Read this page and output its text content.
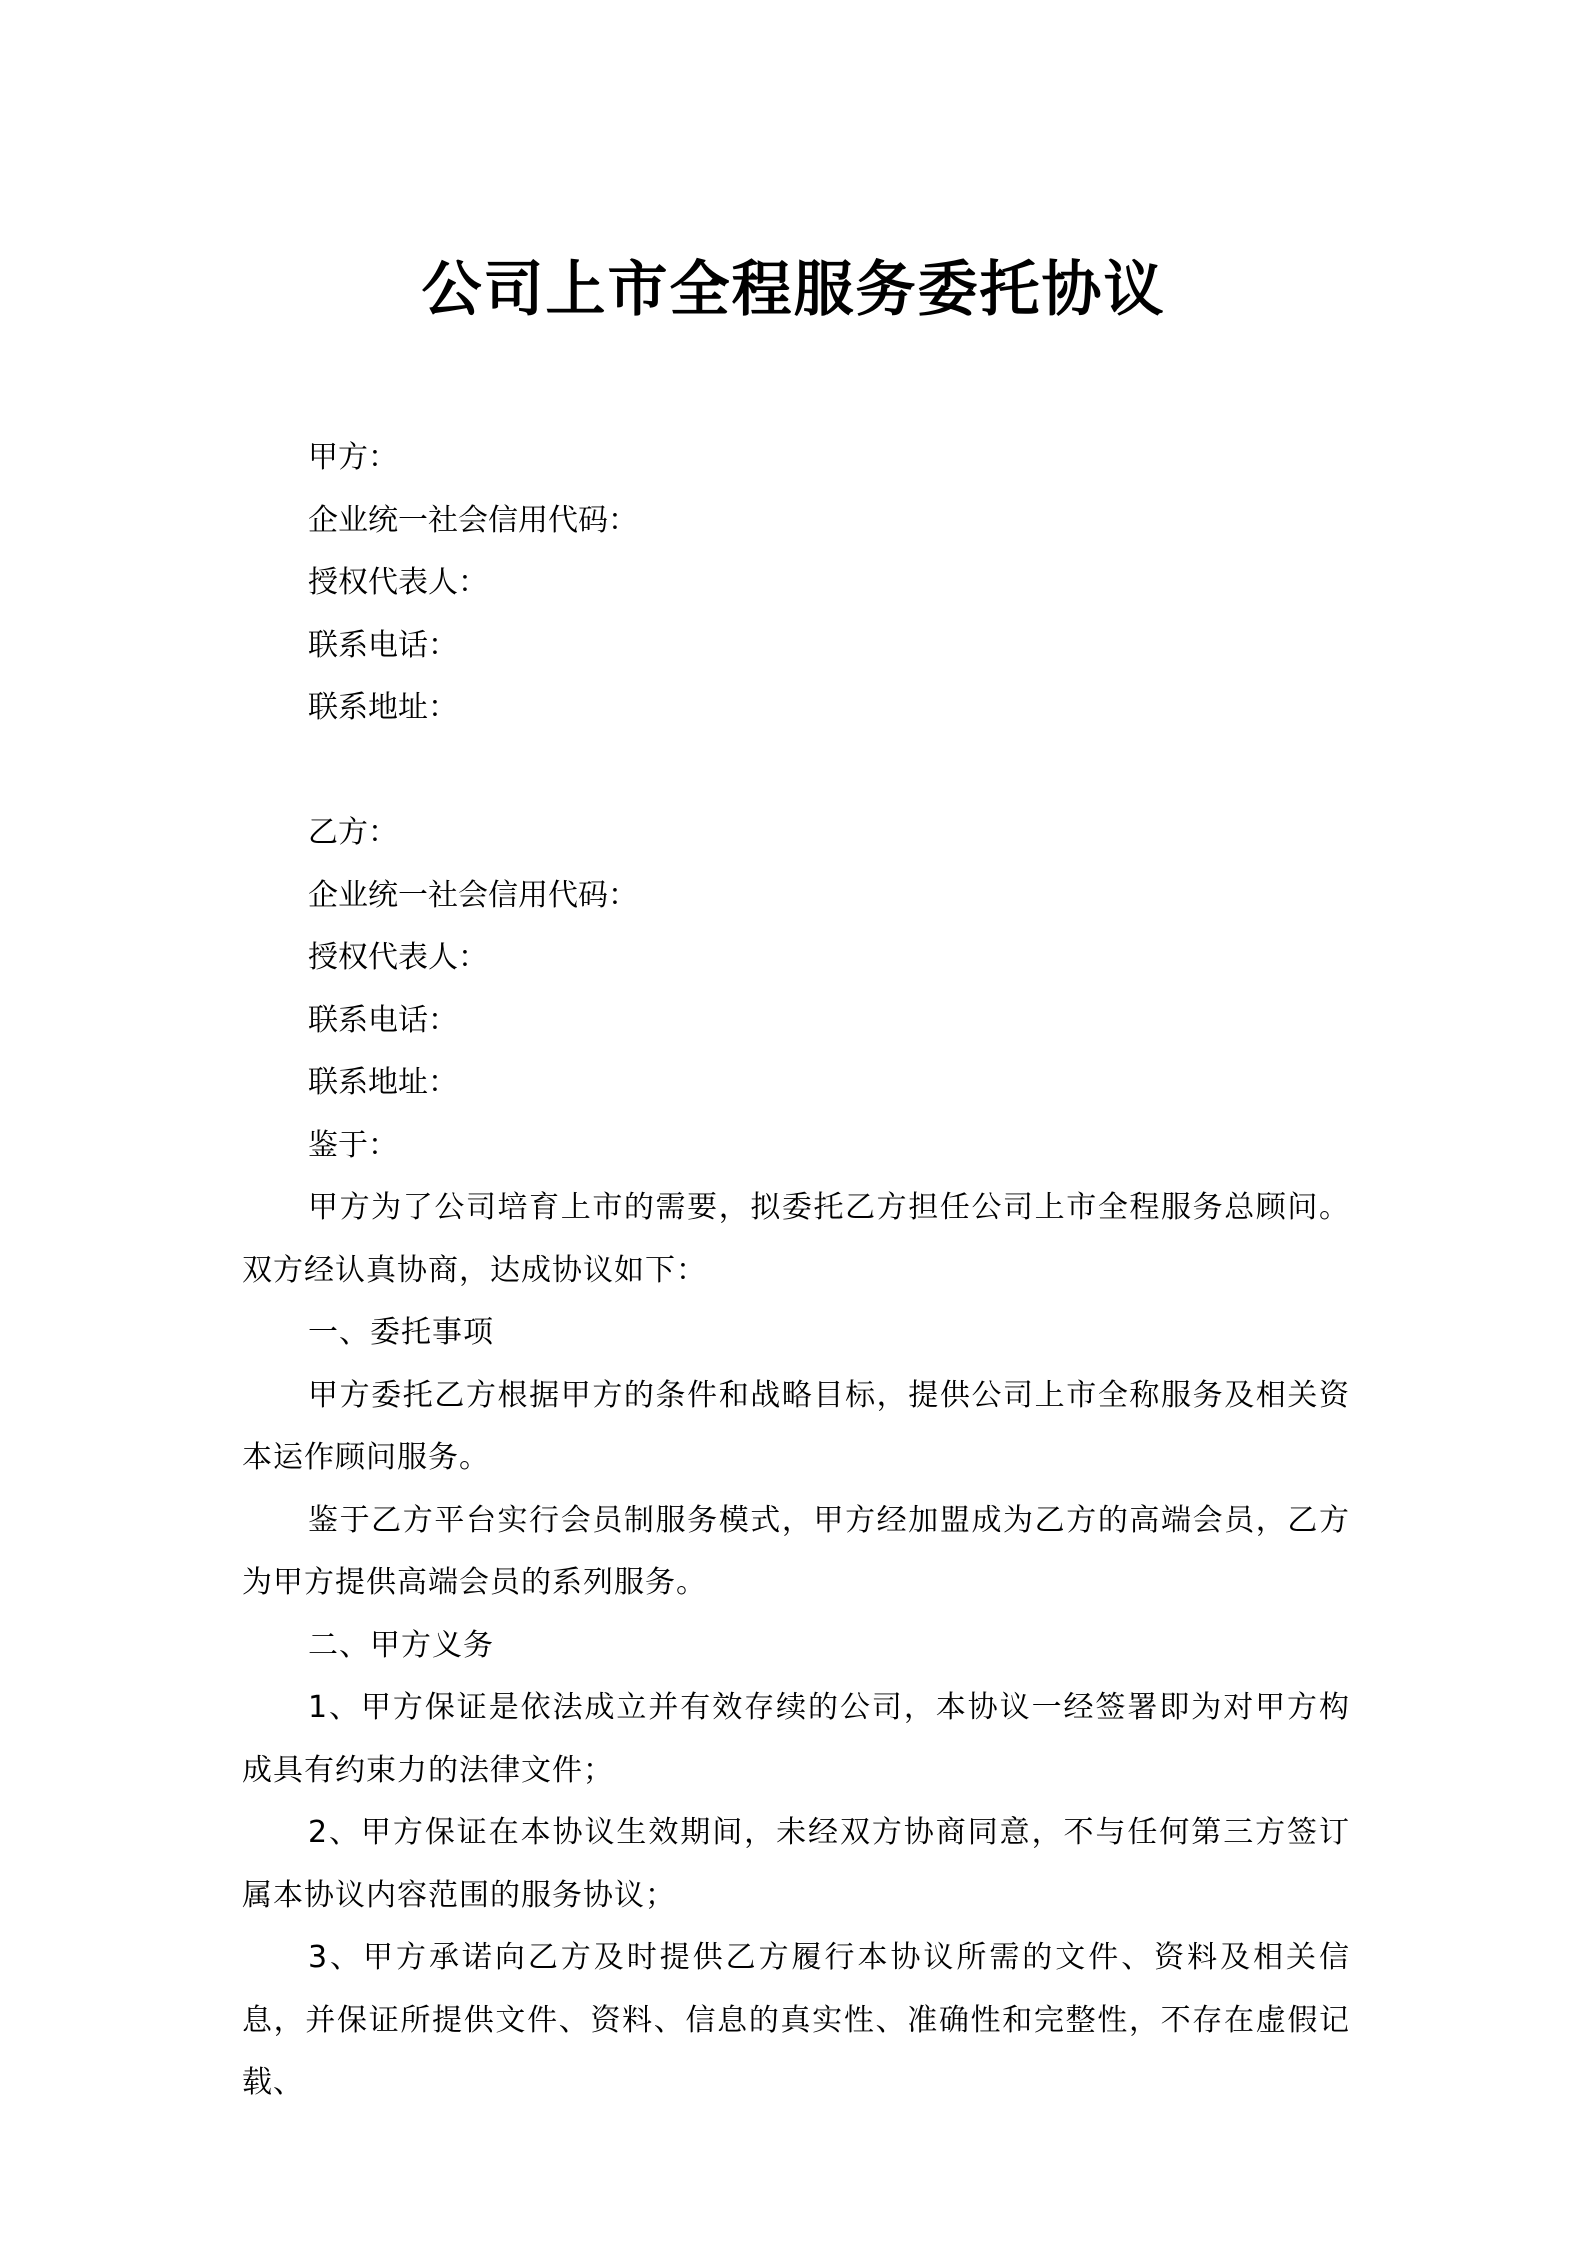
公司上市全程服务委托协议
甲方：
企业统一社会信用代码：
授权代表人：
联系电话：
联系地址：
乙方：
企业统一社会信用代码：
授权代表人：
联系电话：
联系地址：
鉴于：
甲方为了公司培育上市的需要，拟委托乙方担任公司上市全程服务总顾问。双方经认真协商，达成协议如下：
一、委托事项
甲方委托乙方根据甲方的条件和战略目标，提供公司上市全称服务及相关资本运作顾问服务。
鉴于乙方平台实行会员制服务模式，甲方经加盟成为乙方的高端会员，乙方为甲方提供高端会员的系列服务。
二、甲方义务
1、甲方保证是依法成立并有效存续的公司，本协议一经签署即为对甲方构成具有约束力的法律文件；
2、甲方保证在本协议生效期间，未经双方协商同意，不与任何第三方签订属本协议内容范围的服务协议；
3、甲方承诺向乙方及时提供乙方履行本协议所需的文件、资料及相关信息，并保证所提供文件、资料、信息的真实性、准确性和完整性，不存在虚假记载、
